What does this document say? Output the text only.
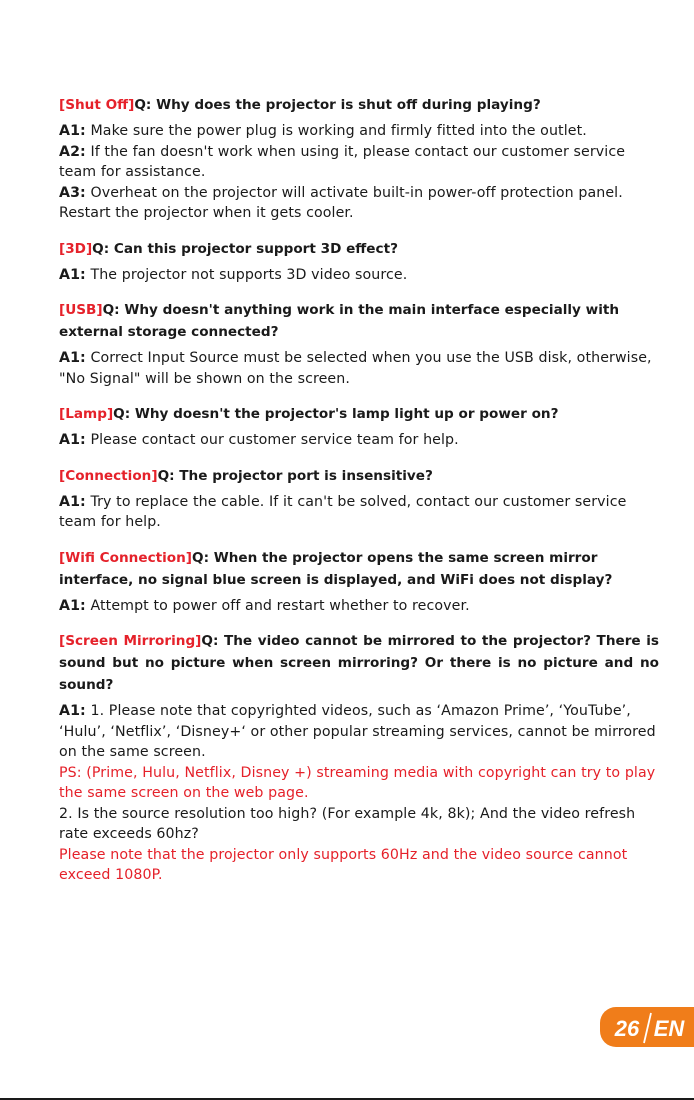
[Shut Off]Q: Why does the projector is shut off during playing?

A1: Make sure the power plug is working and firmly fitted into the outlet.

A2: If the fan doesn't work when using it, please contact our customer service team for assistance.

A3: Overheat on the projector will activate built-in power-off protection panel. Restart the projector when it gets cooler.

[3D]Q: Can this projector support 3D effect?

A1: The projector not supports 3D video source.

[USB]Q: Why doesn't anything work in the main interface especially with external storage connected?

A1: Correct Input Source must be selected when you use the USB disk, otherwise, "No Signal" will be shown on the screen.

[Lamp]Q: Why doesn't the projector's lamp light up or power on?

A1: Please contact our customer service team for help.

[Connection]Q: The projector port is insensitive?

A1: Try to replace the cable. If it can't be solved, contact our customer service team for help.

[Wifi Connection]Q: When the projector opens the same screen mirror interface, no signal blue screen is displayed, and WiFi does not display?

A1: Attempt to power off and restart whether to recover.

[Screen Mirroring]Q: The video cannot be mirrored to the projector? There is sound but no picture when screen mirroring? Or there is no picture and no sound?

A1: 1. Please note that copyrighted videos, such as ‘Amazon Prime’, ‘YouTube’, ‘Hulu’, ‘Netflix’, ‘Disney+‘ or other popular streaming services, cannot be mirrored on the same screen.

PS: (Prime, Hulu, Netflix, Disney +) streaming media with copyright can try to play the same screen on the web page.

2. Is the source resolution too high? (For example 4k, 8k); And the video refresh rate exceeds 60hz?

Please note that the projector only supports 60Hz and the video source cannot exceed 1080P.

26 EN
